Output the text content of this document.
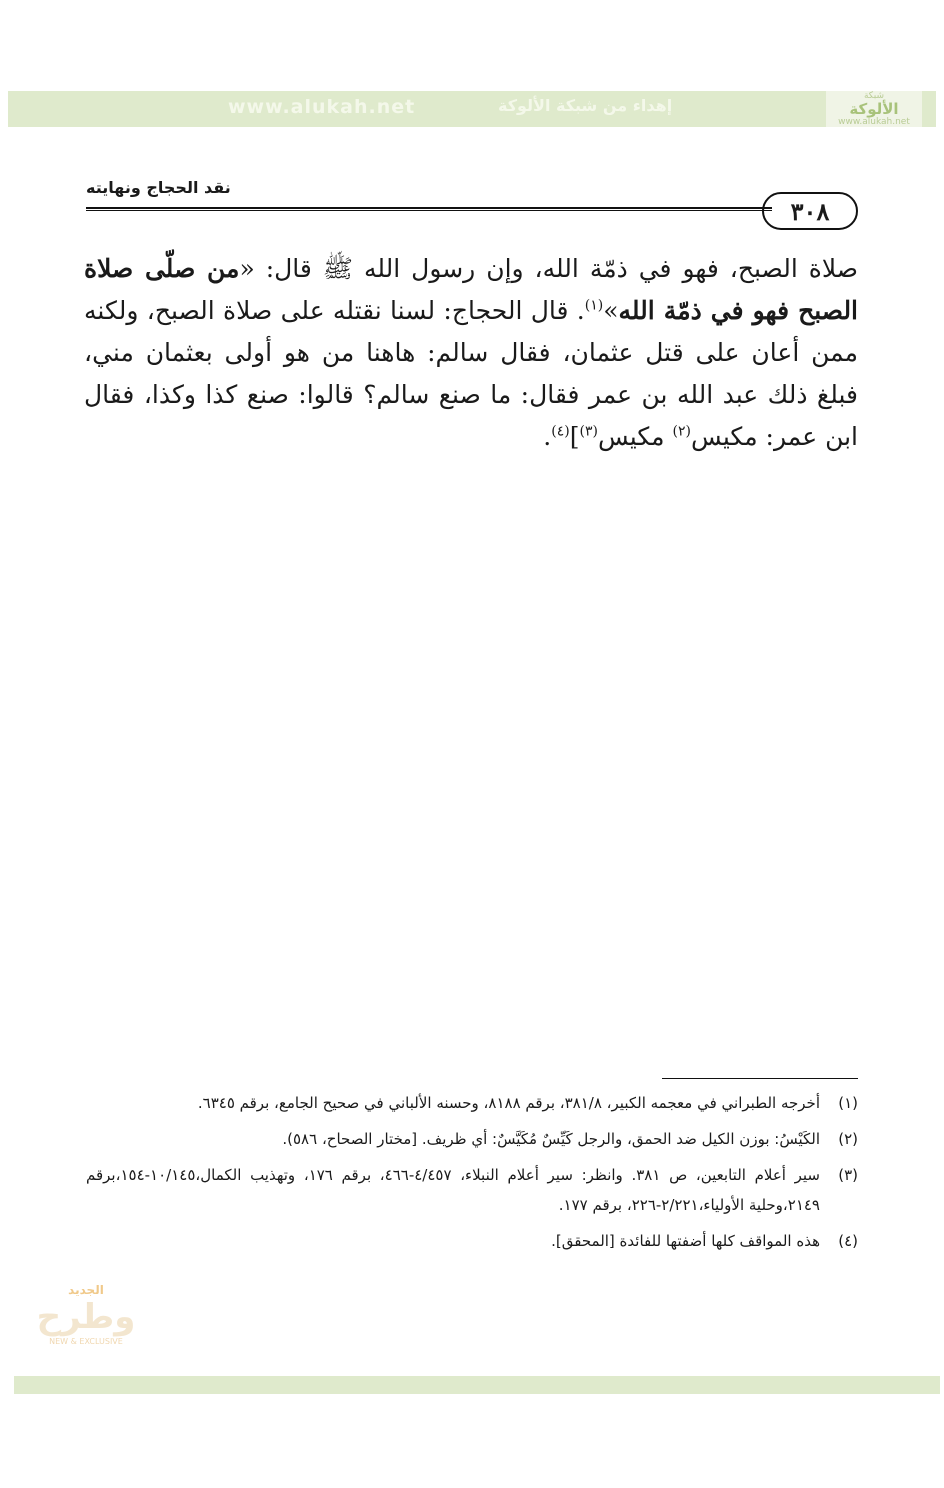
www.alukah.net	إهداء من شبكة الألوكة	شبكة
الألوكة
www.alukah.net
نقد الحجاج ونهايته
٣٠٨

صلاة الصبح، فهو في ذمّة الله، وإن رسول الله ﷺ قال: «من صلّى صلاة الصبح فهو في ذمّة الله»$^{(١)}$. قال الحجاج: لسنا نقتله على صلاة الصبح، ولكنه ممن أعان على قتل عثمان، فقال سالم: هاهنا من هو أولى بعثمان مني، فبلغ ذلك عبد الله بن عمر فقال: ما صنع سالم؟ قالوا: صنع كذا وكذا، فقال ابن عمر: مكيس$^{(٢)}$ مكيس$^{(٣)}$]$^{(٤)}$.

(١)
أخرجه الطبراني في معجمه الكبير، ٣٨١/٨، برقم ٨١٨٨، وحسنه الألباني في صحيح الجامع، برقم ٦٣٤٥.
(٢)
الكَيْسُ: بوزن الكيل ضد الحمق، والرجل كَيِّسٌ مُكَيَّسٌ: أي ظريف. [مختار الصحاح، ٥٨٦).
(٣)
سير أعلام التابعين، ص ٣٨١. وانظر: سير أعلام النبلاء، ٤/٤٥٧-٤٦٦، برقم ١٧٦، وتهذيب الكمال،١٠/١٤٥-١٥٤،برقم ٢١٤٩،وحلية الأولياء،٢/٢٢١-٢٢٦، برقم ١٧٧.
(٤)
هذه المواقف كلها أضفتها للفائدة [المحقق].
الجديد
وطرح
NEW & EXCLUSIVE
